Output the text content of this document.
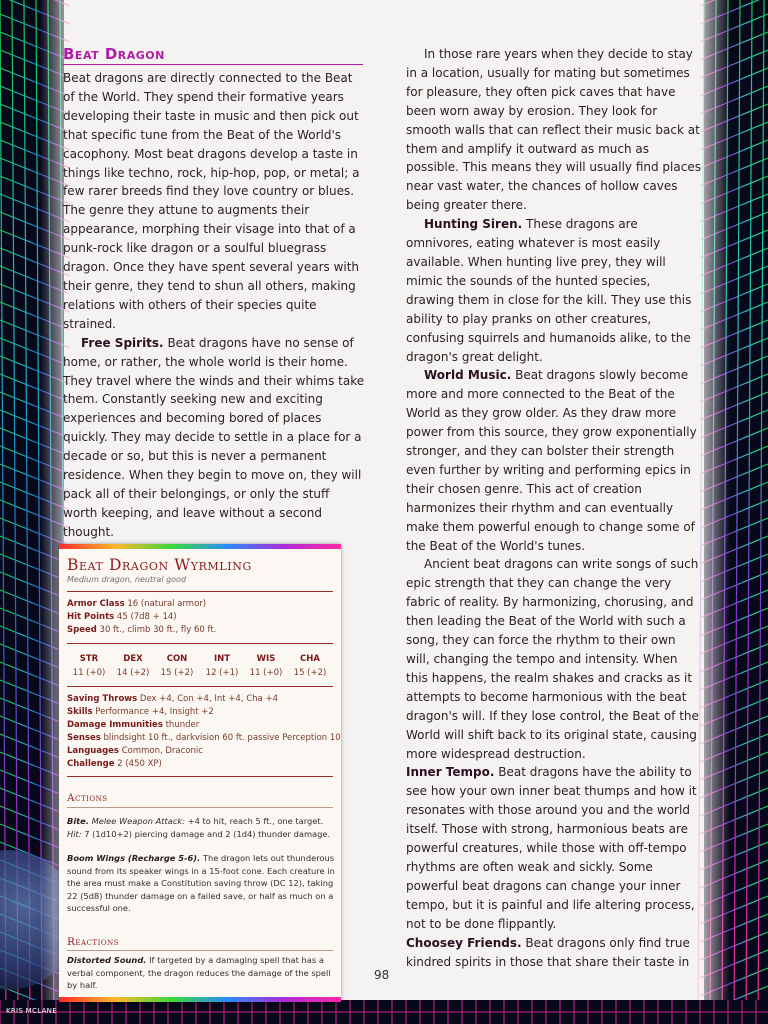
Beat Dragon

Beat dragons are directly connected to the Beat of the World. They spend their formative years developing their taste in music and then pick out that specific tune from the Beat of the World's cacophony. Most beat dragons develop a taste in things like techno, rock, hip-hop, pop, or metal; a few rarer breeds find they love country or blues. The genre they attune to augments their appearance, morphing their visage into that of a punk-rock like dragon or a soulful bluegrass dragon. Once they have spent several years with their genre, they tend to shun all others, making relations with others of their species quite strained.

Free Spirits. Beat dragons have no sense of home, or rather, the whole world is their home. They travel where the winds and their whims take them. Constantly seeking new and exciting experiences and becoming bored of places quickly. They may decide to settle in a place for a decade or so, but this is never a permanent residence. When they begin to move on, they will pack all of their belongings, or only the stuff worth keeping, and leave without a second thought.

In those rare years when they decide to stay in a location, usually for mating but sometimes for pleasure, they often pick caves that have been worn away by erosion. They look for smooth walls that can reflect their music back at them and amplify it outward as much as possible. This means they will usually find places near vast water, the chances of hollow caves being greater there.

Hunting Siren. These dragons are omnivores, eating whatever is most easily available. When hunting live prey, they will mimic the sounds of the hunted species, drawing them in close for the kill. They use this ability to play pranks on other creatures, confusing squirrels and humanoids alike, to the dragon's great delight.

World Music. Beat dragons slowly become more and more connected to the Beat of the World as they grow older. As they draw more power from this source, they grow exponentially stronger, and they can bolster their strength even further by writing and performing epics in their chosen genre. This act of creation harmonizes their rhythm and can eventually make them powerful enough to change some of the Beat of the World's tunes.

Ancient beat dragons can write songs of such epic strength that they can change the very fabric of reality. By harmonizing, chorusing, and then leading the Beat of the World with such a song, they can force the rhythm to their own will, changing the tempo and intensity. When this happens, the realm shakes and cracks as it attempts to become harmonious with the beat dragon's will. If they lose control, the Beat of the World will shift back to its original state, causing more widespread destruction.

Inner Tempo. Beat dragons have the ability to see how your own inner beat thumps and how it resonates with those around you and the world itself. Those with strong, harmonious beats are powerful creatures, while those with off-tempo rhythms are often weak and sickly. Some powerful beat dragons can change your inner tempo, but it is painful and life altering process, not to be done flippantly.

Choosey Friends. Beat dragons only find true kindred spirits in those that share their taste in

Beat Dragon Wyrmling
Medium dragon, neutral good
Armor Class 16 (natural armor)
Hit Points 45 (7d8 + 14)
Speed 30 ft., climb 30 ft., fly 60 ft.
STR
11 (+0)
DEX
14 (+2)
CON
15 (+2)
INT
12 (+1)
WIS
11 (+0)
CHA
15 (+2)
Saving Throws Dex +4, Con +4, Int +4, Cha +4
Skills Performance +4, Insight +2
Damage Immunities thunder
Senses blindsight 10 ft., darkvision 60 ft. passive Perception 10
Languages Common, Draconic
Challenge 2 (450 XP)
Actions
Bite. Melee Weapon Attack: +4 to hit, reach 5 ft., one target. Hit: 7 (1d10+2) piercing damage and 2 (1d4) thunder damage.
Boom Wings (Recharge 5-6). The dragon lets out thunderous sound from its speaker wings in a 15-foot cone. Each creature in the area must make a Constitution saving throw (DC 12), taking 22 (5d8) thunder damage on a failed save, or half as much on a successful one.
Reactions
Distorted Sound. If targeted by a damaging spell that has a verbal component, the dragon reduces the damage of the spell by half.
98
KRIS MCLANE
